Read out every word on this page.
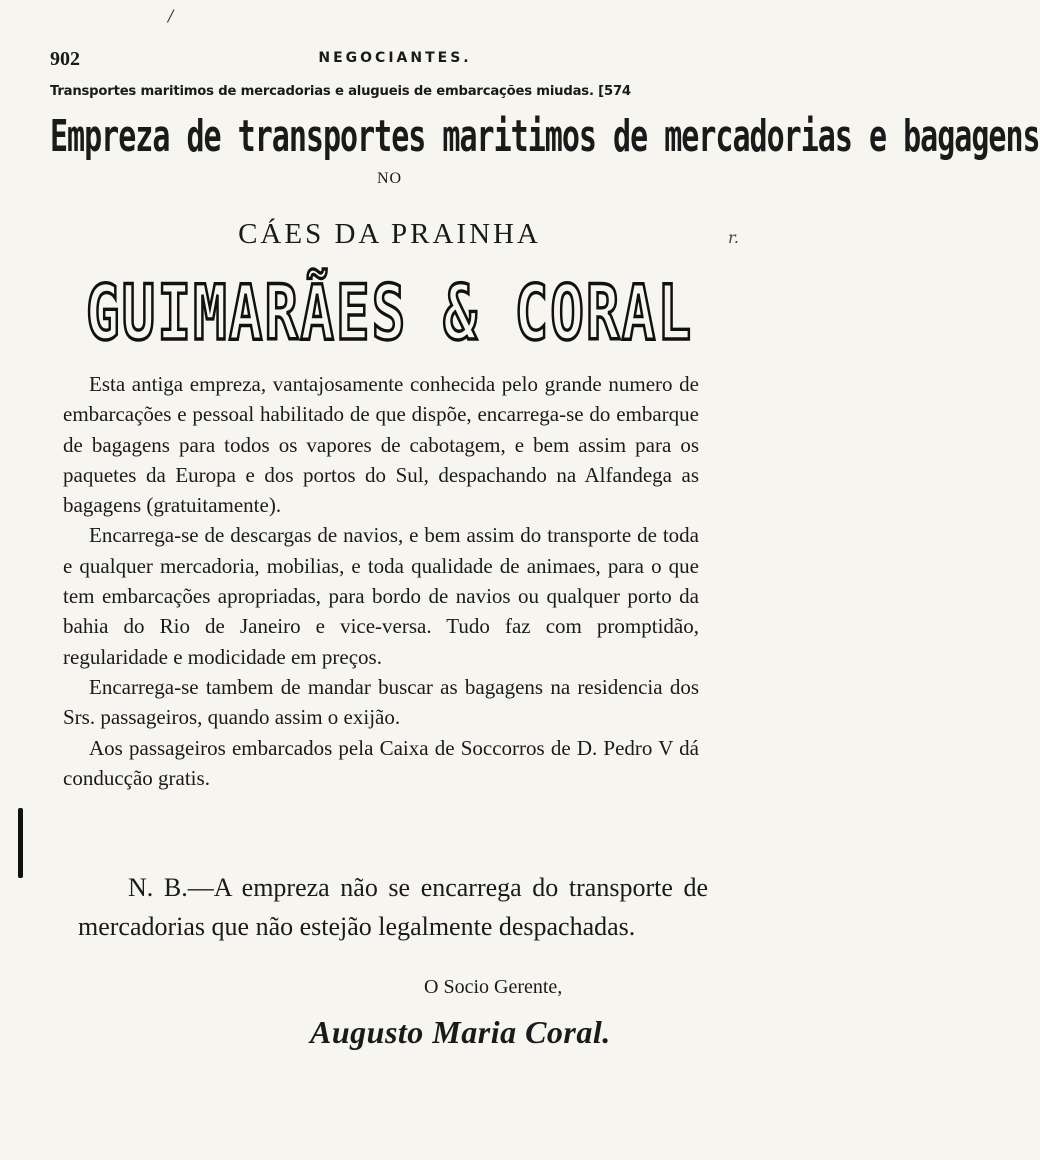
/
r.
902	NEGOCIANTES.
Transportes maritimos de mercadorias e alugueis de embarcações miudas. [574
Empreza de transportes maritimos de mercadorias e bagagens
NO
CÁES DA PRAINHA
GUIMARÃES & CORAL

Esta antiga empreza, vantajosamente conhecida pelo grande numero de embarcações e pessoal habilitado de que dispõe, encarrega-se do embarque de bagagens para todos os vapores de cabotagem, e bem assim para os paquetes da Europa e dos portos do Sul, despachando na Alfandega as bagagens (gratuitamente).

Encarrega-se de descargas de navios, e bem assim do transporte de toda e qualquer mercadoria, mobilias, e toda qualidade de animaes, para o que tem embarcações apropriadas, para bordo de navios ou qualquer porto da bahia do Rio de Janeiro e vice-versa. Tudo faz com promptidão, regularidade e modicidade em preços.

Encarrega-se tambem de mandar buscar as bagagens na residencia dos Srs. passageiros, quando assim o exijão.

Aos passageiros embarcados pela Caixa de Soccorros de D. Pedro V dá conducção gratis.

N. B.—A empreza não se encarrega do transporte de mercadorias que não estejão legalmente despachadas.

O Socio Gerente,
Augusto Maria Coral.
